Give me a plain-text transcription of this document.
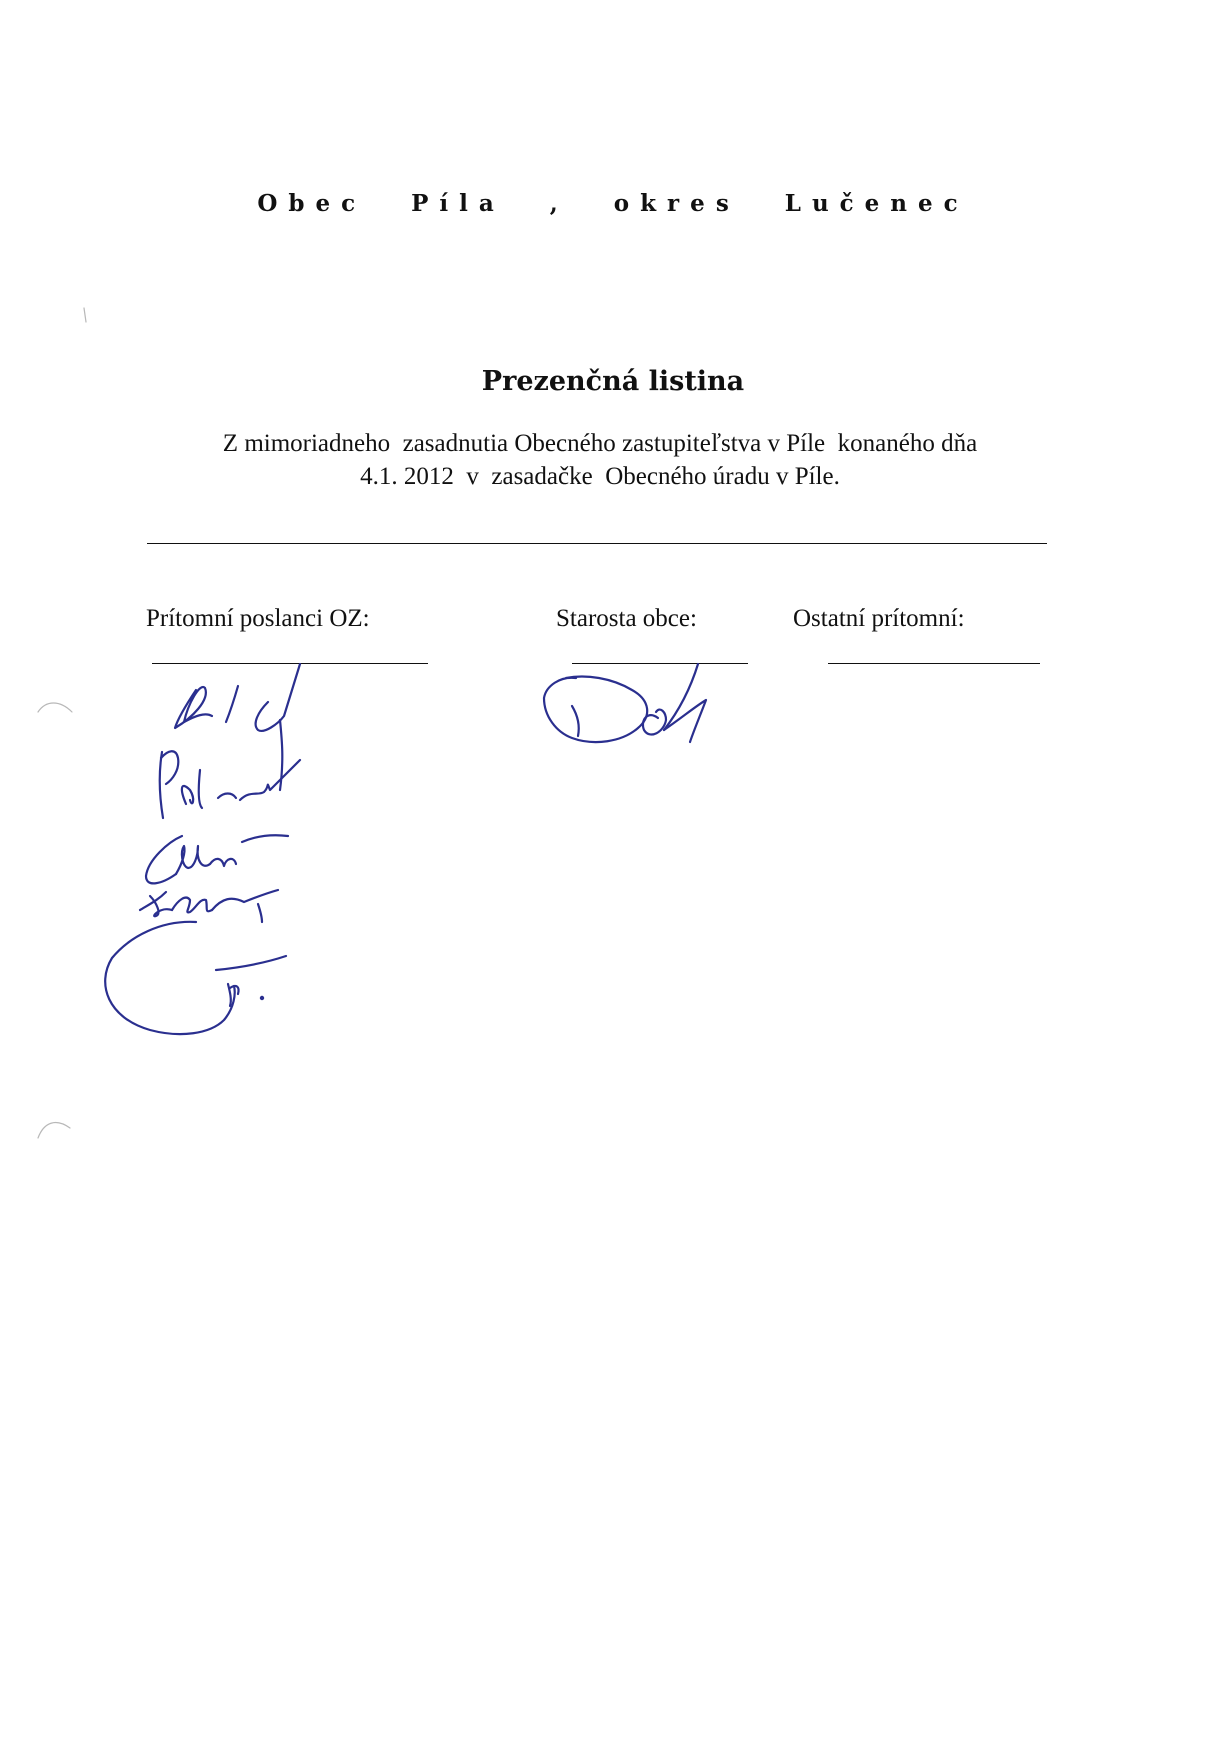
Obec Píla , okres Lučenec
Prezenčná listina
Z mimoriadneho  zasadnutia Obecného zastupiteľstva v Píle  konaného dňa
4.1. 2012  v  zasadačke  Obecného úradu v Píle.
Prítomní poslanci OZ:	Starosta obce:	Ostatní prítomní:
